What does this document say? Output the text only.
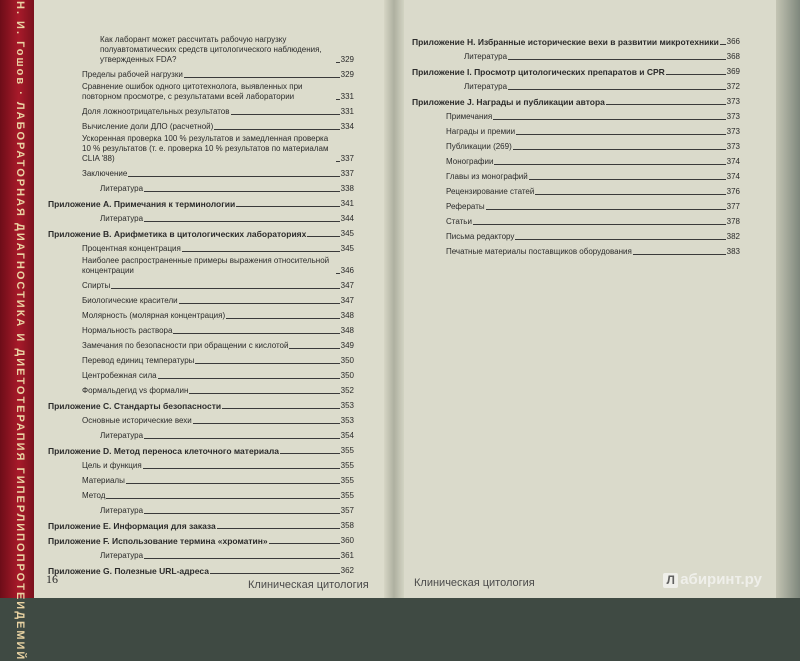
Н. И. Гошов · ЛАБОРАТОРНАЯ ДИАГНОСТИКА И ДИЕТОТЕРАПИЯ ГИПЕРЛИПОПРОТЕИДЕМИЙ	Как лаборант может рассчитать рабочую нагрузку полуавтоматических средств цитологического наблюдения, утвержденных FDA?	329
Пределы рабочей нагрузки	329
Сравнение ошибок одного цитотехнолога, выявленных при повторном просмотре, с результатами всей лаборатории	331
Доля ложноотрицательных результатов	331
Вычисление доли ДЛО (расчетной)	334
Ускоренная проверка 100 % результатов и замедленная проверка 10 % результатов (т. е. проверка 10 % результатов по материалам CLIA '88)	337
Заключение	337
Литература	338
Приложение A. Примечания к терминологии	341
Литература	344
Приложение B. Арифметика в цитологических лабораториях	345
Процентная концентрация	345
Наиболее распространенные примеры выражения относительной концентрации	346
Спирты	347
Биологические красители	347
Молярность (молярная концентрация)	348
Нормальность раствора	348
Замечания по безопасности при обращении с кислотой	349
Перевод единиц температуры	350
Центробежная сила	350
Формальдегид vs формалин	352
Приложение C. Стандарты безопасности	353
Основные исторические вехи	353
Литература	354
Приложение D. Метод переноса клеточного материала	355
Цель и функция	355
Материалы	355
Метод	355
Литература	357
Приложение E. Информация для заказа	358
Приложение F. Использование термина «хроматин»	360
Литература	361
Приложение G. Полезные URL-адреса	362
Приложение H. Избранные исторические вехи в развитии микротехники 366
Литература	368
Приложение I. Просмотр цитологических препаратов и CPR	369
Литература	372
Приложение J. Награды и публикации автора	373
Примечания	373
Награды и премии	373
Публикации (269)	373
Монографии	374
Главы из монографий	374
Рецензирование статей	376
Рефераты	377
Статьи	378
Письма редактору	382
Печатные материалы поставщиков оборудования	383
16	Клиническая цитология	Клиническая цитология	Л абиринт.ру
